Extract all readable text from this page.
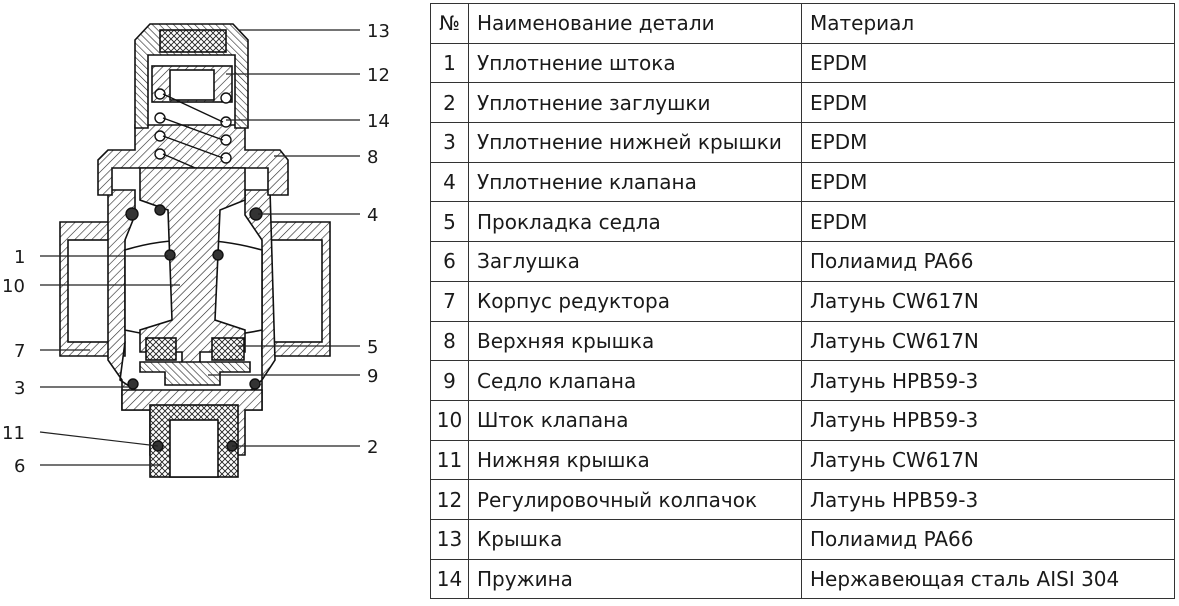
13
12
14
8
4
5
9
2
1
10
7
3
11
6
№	Наименование детали	Материал
1	Уплотнение штока	EPDM
2	Уплотнение заглушки	EPDM
3	Уплотнение нижней крышки	EPDM
4	Уплотнение клапана	EPDM
5	Прокладка седла	EPDM
6	Заглушка	Полиамид PA66
7	Корпус редуктора	Латунь CW617N
8	Верхняя крышка	Латунь CW617N
9	Седло клапана	Латунь HPB59-3
10	Шток клапана	Латунь HPB59-3
11	Нижняя крышка	Латунь CW617N
12	Регулировочный колпачок	Латунь HPB59-3
13	Крышка	Полиамид PA66
14	Пружина	Нержавеющая сталь AISI 304
